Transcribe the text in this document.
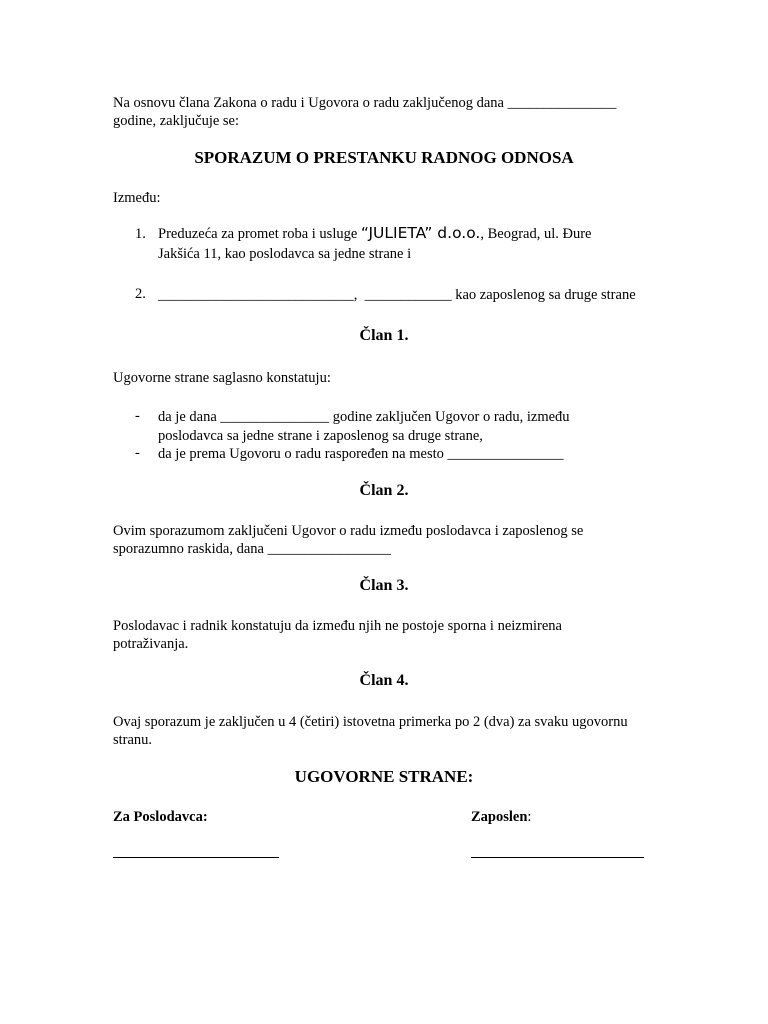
Na osnovu člana Zakona o radu i Ugovora o radu zaključenog dana _______________

godine, zaključuje se:

SPORAZUM O PRESTANKU RADNOG ODNOSA

Između:

1. Preduzeća za promet roba i usluge “JULIETA” d.o.o., Beograd, ul. Đure

Jakšića 11, kao poslodavca sa jedne strane i

2. ___________________________,  ____________ kao zaposlenog sa druge strane

Član 1.

Ugovorne strane saglasno konstatuju:

- da je dana _______________ godine zaključen Ugovor o radu, između

poslodavca sa jedne strane i zaposlenog sa druge strane,

- da je prema Ugovoru o radu raspoređen na mesto ________________

Član 2.

Ovim sporazumom zaključeni Ugovor o radu između poslodavca i zaposlenog se

sporazumno raskida, dana _________________

Član 3.

Poslodavac i radnik konstatuju da između njih ne postoje sporna i neizmirena

potraživanja.

Član 4.

Ovaj sporazum je zaključen u 4 (četiri) istovetna primerka po 2 (dva) za svaku ugovornu

stranu.

UGOVORNE STRANE:

Za Poslodavca:	Zaposlen:
